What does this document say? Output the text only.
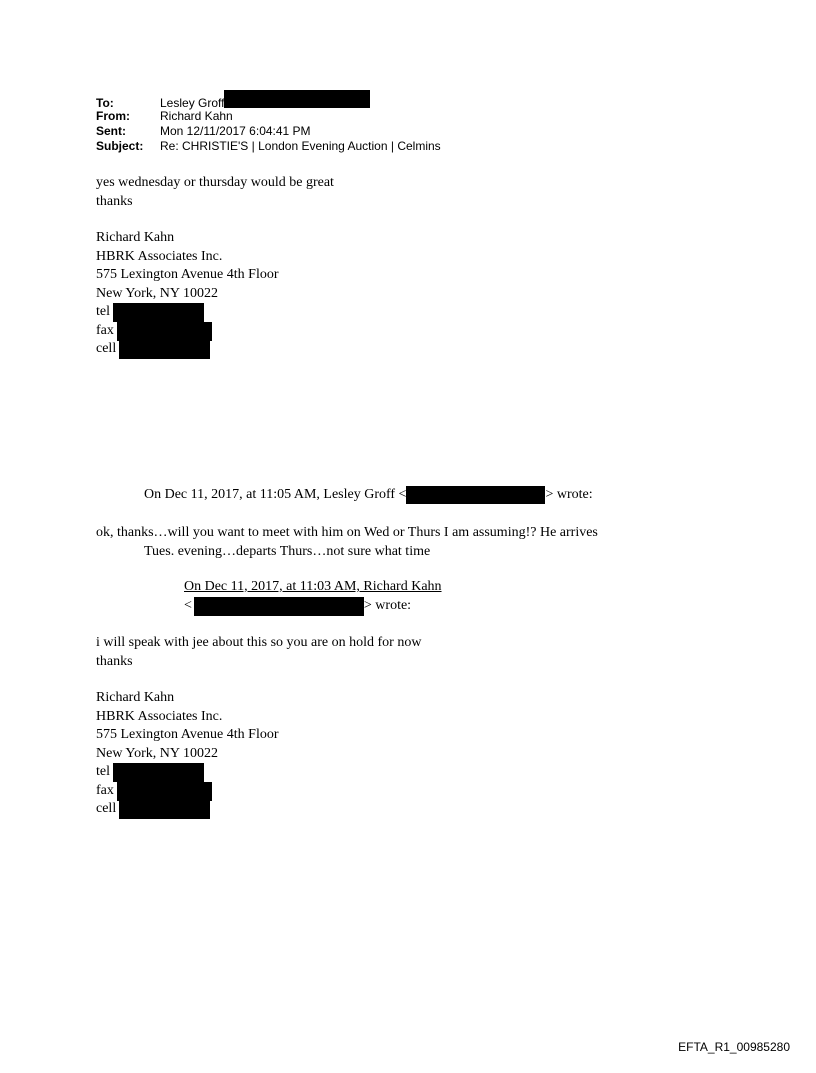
To:	Lesley Groff
From:	Richard Kahn
Sent:	Mon 12/11/2017 6:04:41 PM
Subject: Re: CHRISTIE'S | London Evening Auction | Celmins
yes wednesday or thursday would be great
thanks
Richard Kahn
HBRK Associates Inc.
575 Lexington Avenue 4th Floor
New York, NY 10022
tel
fax
cell
On Dec 11, 2017, at 11:05 AM, Lesley Groff <	> wrote:
ok, thanks…will you want to meet with him on Wed or Thurs I am assuming!? He arrives
Tues. evening…departs Thurs…not sure what time
On Dec 11, 2017, at 11:03 AM, Richard Kahn
<	> wrote:
i will speak with jee about this so you are on hold for now
thanks
Richard Kahn
HBRK Associates Inc.
575 Lexington Avenue 4th Floor
New York, NY 10022
tel
fax
cell
EFTA_R1_00985280
